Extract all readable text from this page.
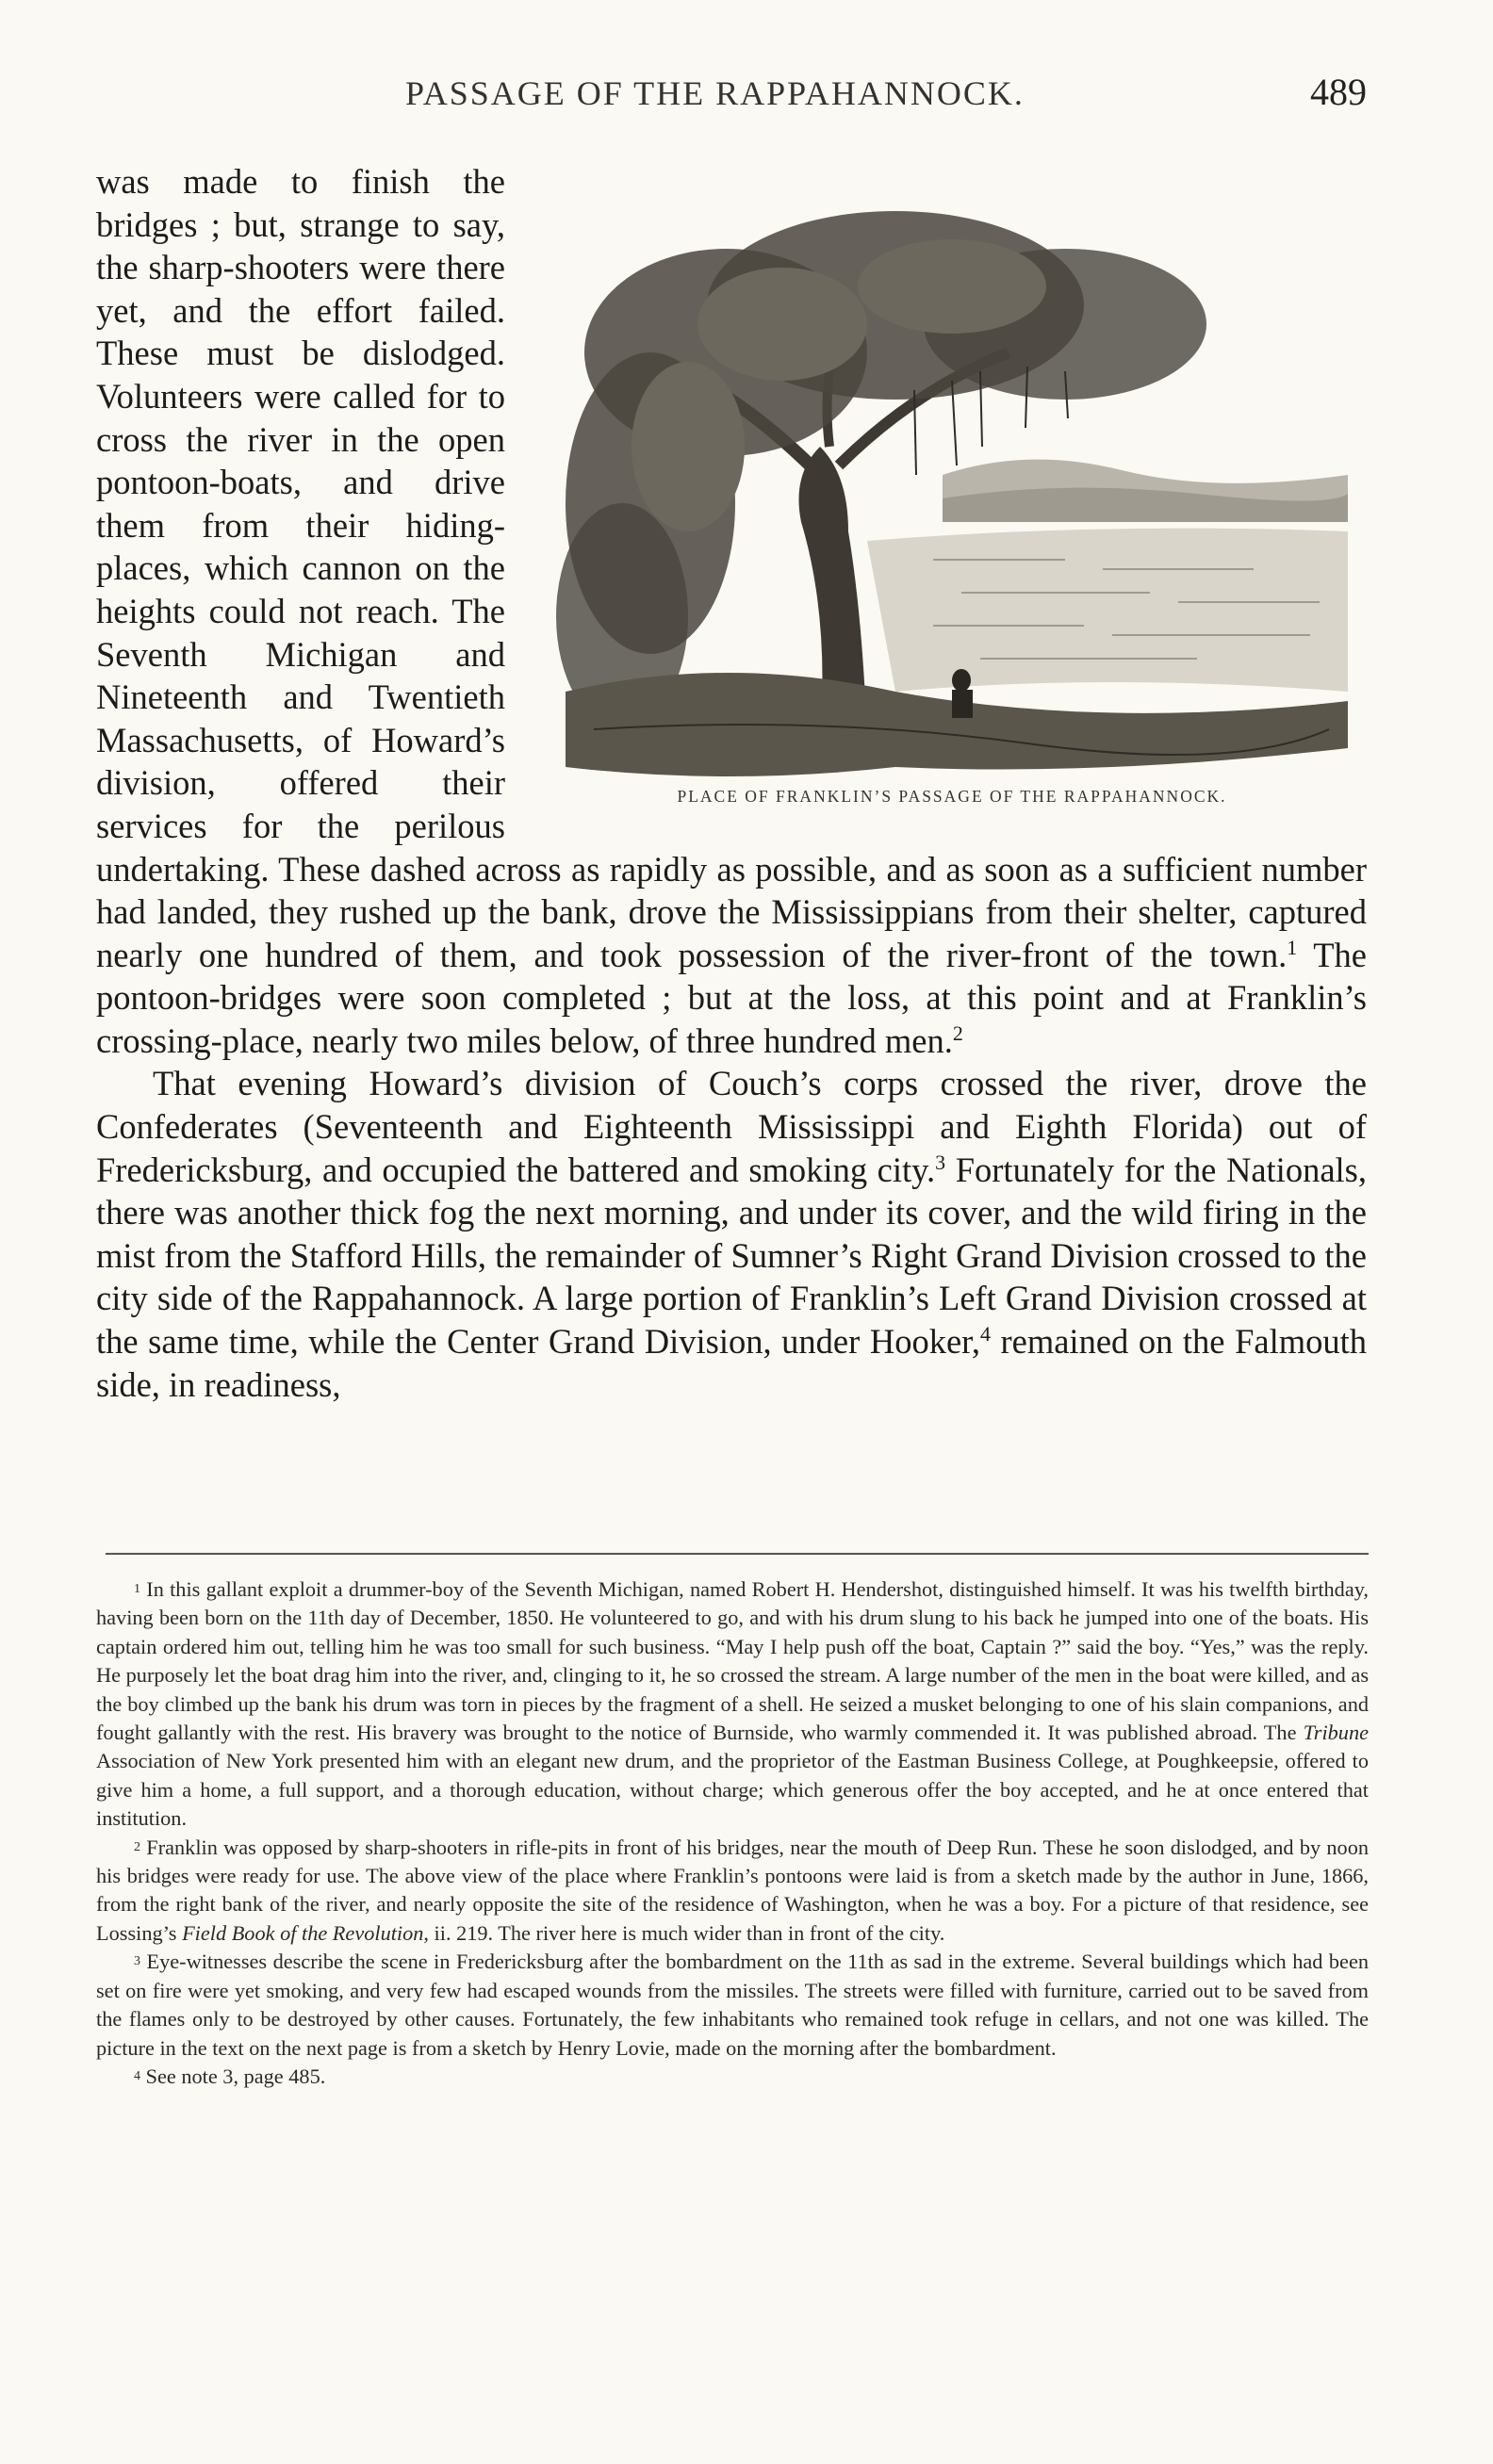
PASSAGE OF THE RAPPAHANNOCK.	489
PLACE OF FRANKLIN’S PASSAGE OF THE RAPPAHANNOCK.

was made to finish the bridges ; but, strange to say, the sharp-shooters were there yet, and the effort failed. These must be dislodged. Volunteers were called for to cross the river in the open pontoon-boats, and drive them from their hiding-places, which cannon on the heights could not reach. The Seventh Michigan and Nineteenth and Twentieth Massachusetts, of Howard’s division, offered their services for the perilous undertaking. These dashed across as rapidly as possible, and as soon as a sufficient number had landed, they rushed up the bank, drove the Mississippians from their shelter, captured nearly one hundred of them, and took possession of the river-front of the town.$^1$ The pontoon-bridges were soon completed ; but at the loss, at this point and at Franklin’s crossing-place, nearly two miles below, of three hundred men.$^2$

That evening Howard’s division of Couch’s corps crossed the river, drove the Confederates (Seventeenth and Eighteenth Mississippi and Eighth Florida) out of Fredericksburg, and occupied the battered and smoking city.$^3$ Fortunately for the Nationals, there was another thick fog the next morning, and under its cover, and the wild firing in the mist from the Stafford Hills, the remainder of Sumner’s Right Grand Division crossed to the city side of the Rappahannock. A large portion of Franklin’s Left Grand Division crossed at the same time, while the Center Grand Division, under Hooker,$^4$ remained on the Falmouth side, in readiness,

$^1$ In this gallant exploit a drummer-boy of the Seventh Michigan, named Robert H. Hendershot, distinguished himself. It was his twelfth birthday, having been born on the 11th day of December, 1850. He volunteered to go, and with his drum slung to his back he jumped into one of the boats. His captain ordered him out, telling him he was too small for such business. “May I help push off the boat, Captain ?” said the boy. “Yes,” was the reply. He purposely let the boat drag him into the river, and, clinging to it, he so crossed the stream. A large number of the men in the boat were killed, and as the boy climbed up the bank his drum was torn in pieces by the fragment of a shell. He seized a musket belonging to one of his slain companions, and fought gallantly with the rest. His bravery was brought to the notice of Burnside, who warmly commended it. It was published abroad. The Tribune Association of New York presented him with an elegant new drum, and the proprietor of the Eastman Business College, at Poughkeepsie, offered to give him a home, a full support, and a thorough education, without charge; which generous offer the boy accepted, and he at once entered that institution.

$^2$ Franklin was opposed by sharp-shooters in rifle-pits in front of his bridges, near the mouth of Deep Run. These he soon dislodged, and by noon his bridges were ready for use. The above view of the place where Franklin’s pontoons were laid is from a sketch made by the author in June, 1866, from the right bank of the river, and nearly opposite the site of the residence of Washington, when he was a boy. For a picture of that residence, see Lossing’s Field Book of the Revolution, ii. 219. The river here is much wider than in front of the city.

$^3$ Eye-witnesses describe the scene in Fredericksburg after the bombardment on the 11th as sad in the extreme. Several buildings which had been set on fire were yet smoking, and very few had escaped wounds from the missiles. The streets were filled with furniture, carried out to be saved from the flames only to be destroyed by other causes. Fortunately, the few inhabitants who remained took refuge in cellars, and not one was killed. The picture in the text on the next page is from a sketch by Henry Lovie, made on the morning after the bombardment.

$^4$ See note 3, page 485.
